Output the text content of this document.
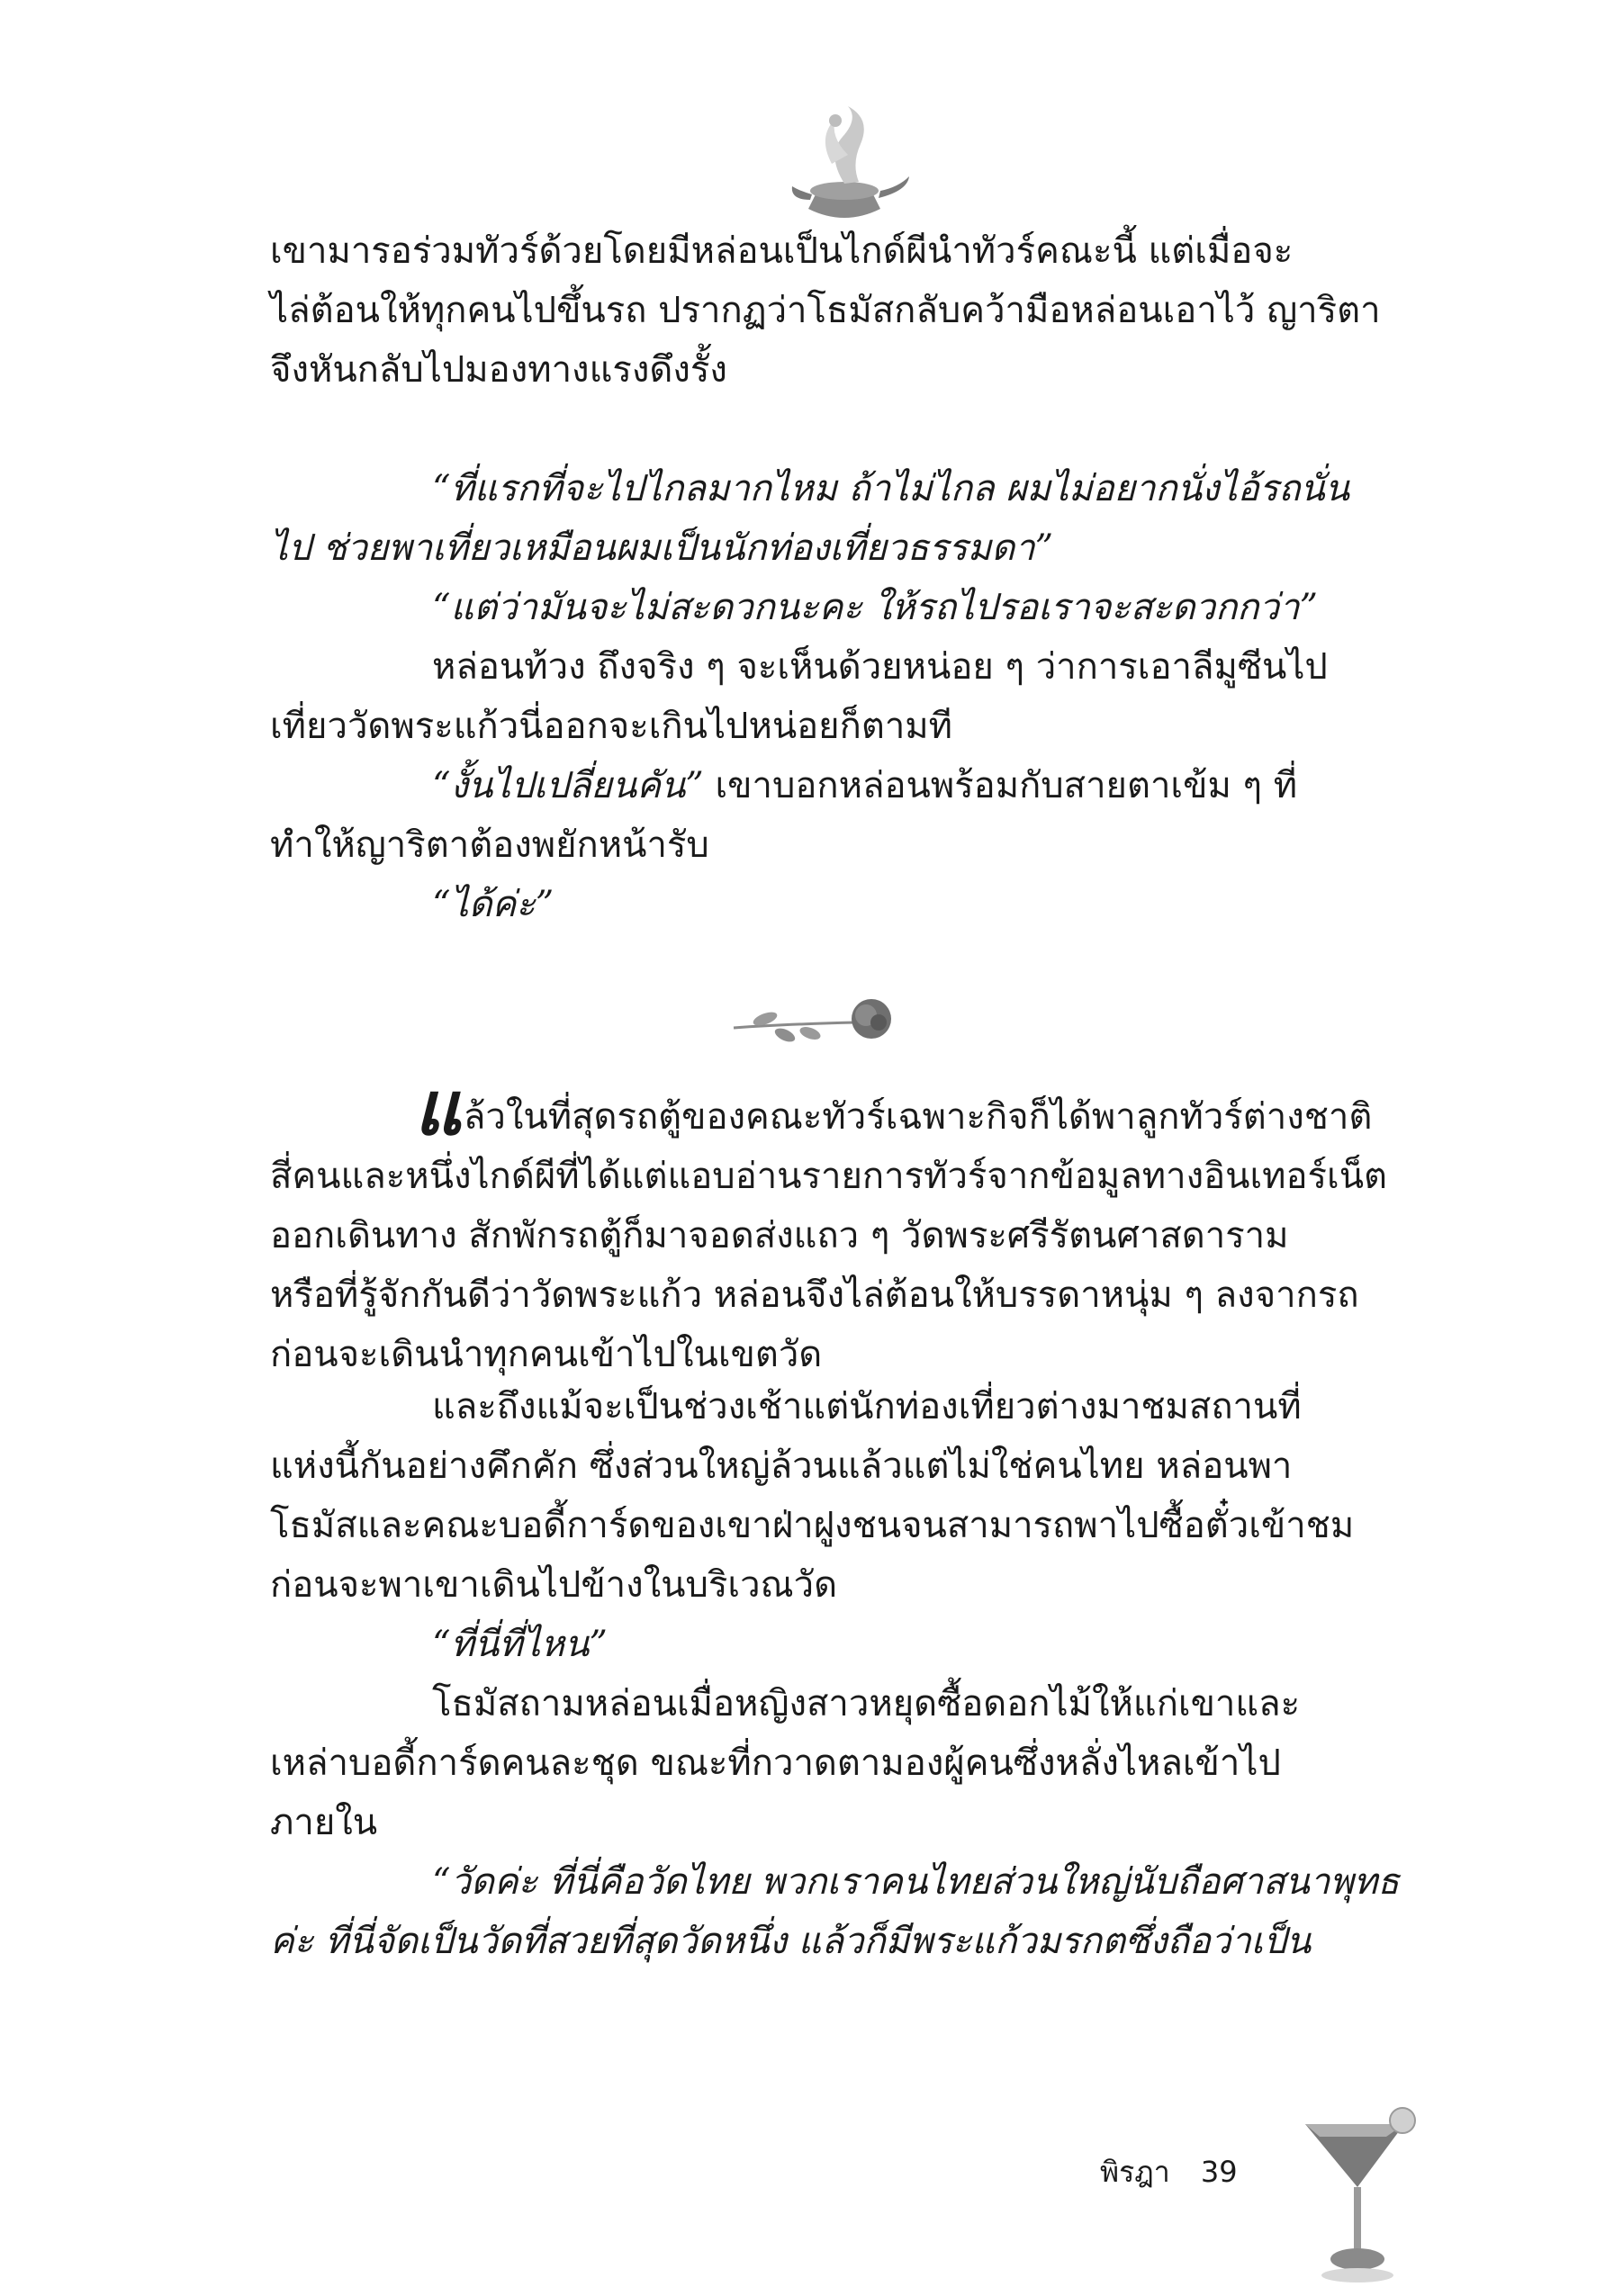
เขามารอร่วมทัวร์ด้วยโดยมีหล่อนเป็นไกด์ผีนำทัวร์คณะนี้ แต่เมื่อจะ
ไล่ต้อนให้ทุกคนไปขึ้นรถ ปรากฏว่าโธมัสกลับคว้ามือหล่อนเอาไว้ ญาริตา
จึงหันกลับไปมองทางแรงดึงรั้ง

“ที่แรกที่จะไปไกลมากไหม ถ้าไม่ไกล ผมไม่อยากนั่งไอ้รถนั่น
ไป ช่วยพาเที่ยวเหมือนผมเป็นนักท่องเที่ยวธรรมดา”

“แต่ว่ามันจะไม่สะดวกนะคะ ให้รถไปรอเราจะสะดวกกว่า”

หล่อนท้วง ถึงจริง ๆ จะเห็นด้วยหน่อย ๆ ว่าการเอาลีมูซีนไป
เที่ยววัดพระแก้วนี่ออกจะเกินไปหน่อยก็ตามที

“งั้นไปเปลี่ยนคัน” เขาบอกหล่อนพร้อมกับสายตาเข้ม ๆ ที่
ทำให้ญาริตาต้องพยักหน้ารับ

“ได้ค่ะ”

แล้วในที่สุดรถตู้ของคณะทัวร์เฉพาะกิจก็ได้พาลูกทัวร์ต่างชาติ
สี่คนและหนึ่งไกด์ผีที่ได้แต่แอบอ่านรายการทัวร์จากข้อมูลทางอินเทอร์เน็ต
ออกเดินทาง สักพักรถตู้ก็มาจอดส่งแถว ๆ วัดพระศรีรัตนศาสดาราม
หรือที่รู้จักกันดีว่าวัดพระแก้ว หล่อนจึงไล่ต้อนให้บรรดาหนุ่ม ๆ ลงจากรถ
ก่อนจะเดินนำทุกคนเข้าไปในเขตวัด

และถึงแม้จะเป็นช่วงเช้าแต่นักท่องเที่ยวต่างมาชมสถานที่
แห่งนี้กันอย่างคึกคัก ซึ่งส่วนใหญ่ล้วนแล้วแต่ไม่ใช่คนไทย หล่อนพา
โธมัสและคณะบอดี้การ์ดของเขาฝ่าฝูงชนจนสามารถพาไปซื้อตั๋วเข้าชม
ก่อนจะพาเขาเดินไปข้างในบริเวณวัด

“ที่นี่ที่ไหน”

โธมัสถามหล่อนเมื่อหญิงสาวหยุดซื้อดอกไม้ให้แก่เขาและ
เหล่าบอดี้การ์ดคนละชุด ขณะที่กวาดตามองผู้คนซึ่งหลั่งไหลเข้าไป
ภายใน

“วัดค่ะ ที่นี่คือวัดไทย พวกเราคนไทยส่วนใหญ่นับถือศาสนาพุทธ
ค่ะ ที่นี่จัดเป็นวัดที่สวยที่สุดวัดหนึ่ง แล้วก็มีพระแก้วมรกตซึ่งถือว่าเป็น

พิรฎา 39
